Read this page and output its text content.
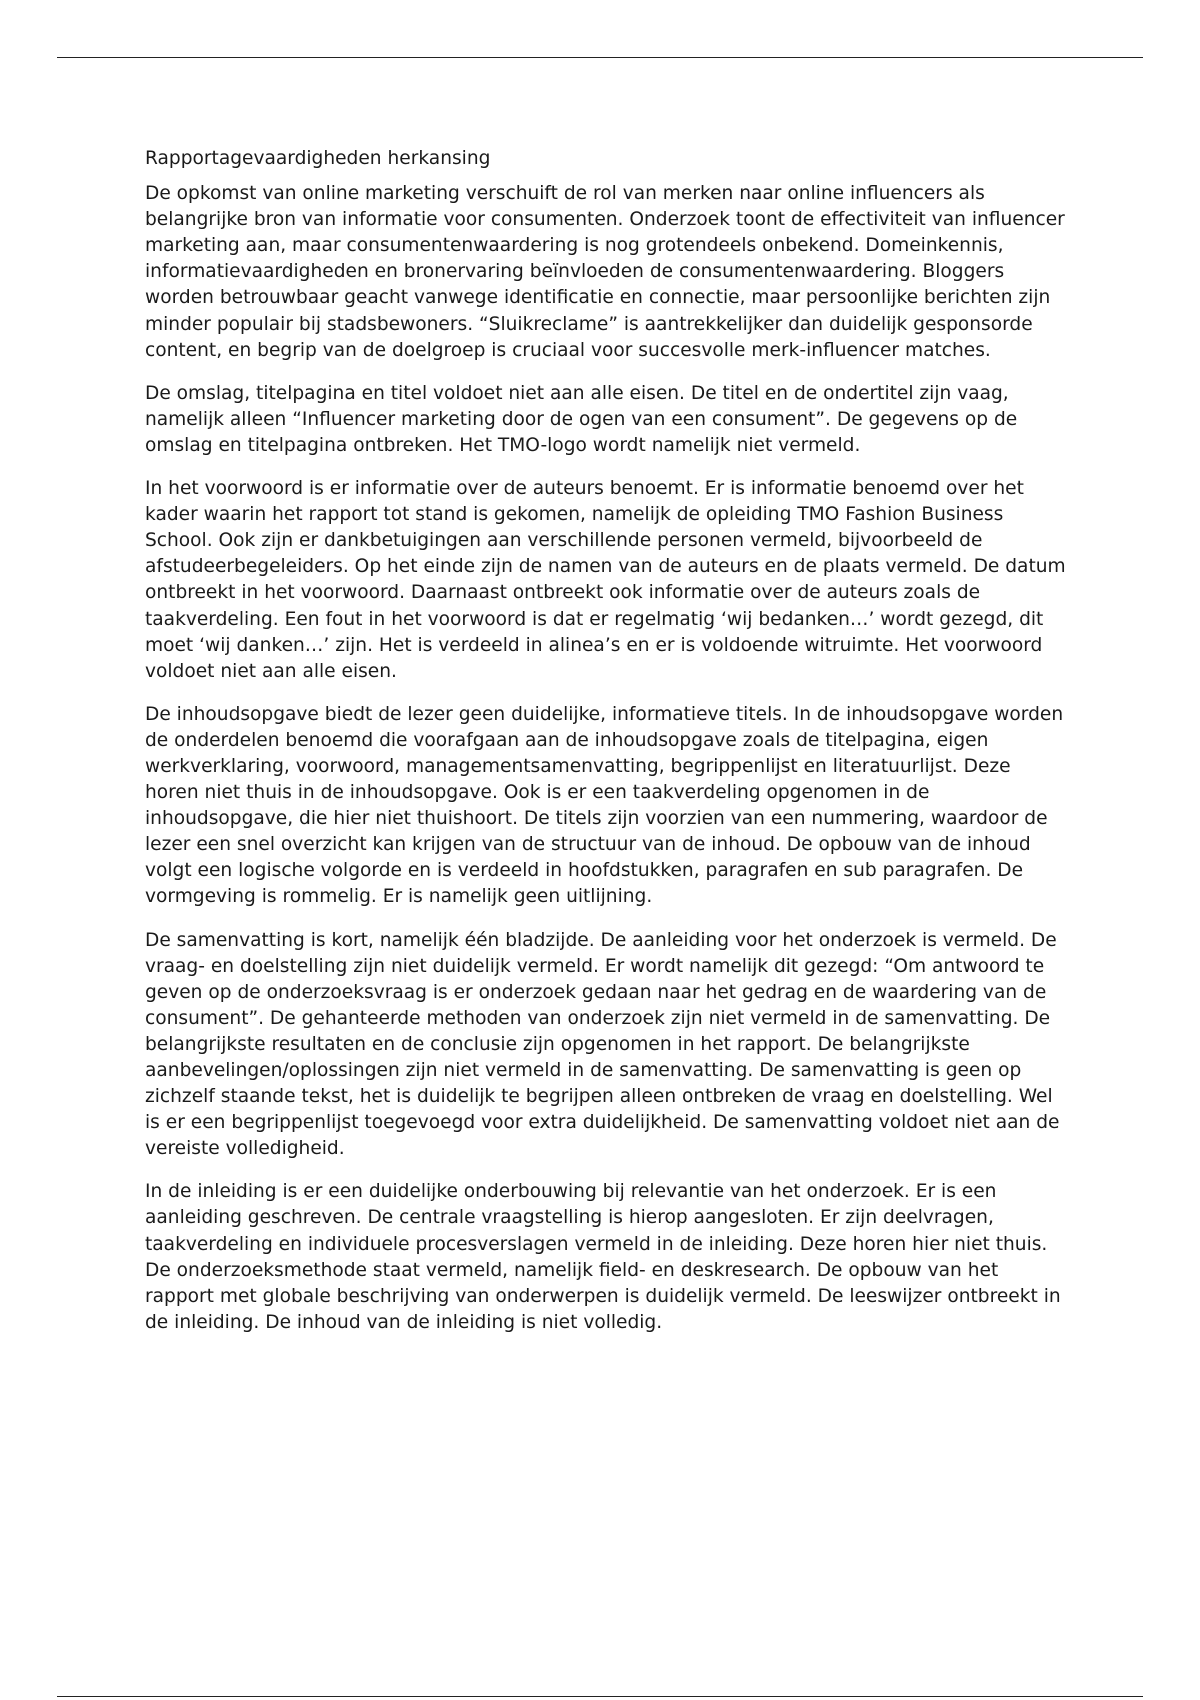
Rapportagevaardigheden herkansing

De opkomst van online marketing verschuift de rol van merken naar online influencers als belangrijke bron van informatie voor consumenten. Onderzoek toont de effectiviteit van influencer marketing aan, maar consumentenwaardering is nog grotendeels onbekend. Domeinkennis, informatievaardigheden en bronervaring beïnvloeden de consumentenwaardering. Bloggers worden betrouwbaar geacht vanwege identificatie en connectie, maar persoonlijke berichten zijn minder populair bij stadsbewoners. “Sluikreclame” is aantrekkelijker dan duidelijk gesponsorde content, en begrip van de doelgroep is cruciaal voor succesvolle merk-influencer matches.

De omslag, titelpagina en titel voldoet niet aan alle eisen. De titel en de ondertitel zijn vaag, namelijk alleen “Influencer marketing door de ogen van een consument”. De gegevens op de omslag en titelpagina ontbreken. Het TMO-logo wordt namelijk niet vermeld.

In het voorwoord is er informatie over de auteurs benoemt. Er is informatie benoemd over het kader waarin het rapport tot stand is gekomen, namelijk de opleiding TMO Fashion Business School. Ook zijn er dankbetuigingen aan verschillende personen vermeld, bijvoorbeeld de afstudeerbegeleiders. Op het einde zijn de namen van de auteurs en de plaats vermeld. De datum ontbreekt in het voorwoord. Daarnaast ontbreekt ook informatie over de auteurs zoals de taakverdeling. Een fout in het voorwoord is dat er regelmatig ‘wij bedanken…’ wordt gezegd, dit moet ‘wij danken…’ zijn. Het is verdeeld in alinea’s en er is voldoende witruimte. Het voorwoord voldoet niet aan alle eisen.

De inhoudsopgave biedt de lezer geen duidelijke, informatieve titels. In de inhoudsopgave worden de onderdelen benoemd die voorafgaan aan de inhoudsopgave zoals de titelpagina, eigen werkverklaring, voorwoord, managementsamenvatting, begrippenlijst en literatuurlijst. Deze horen niet thuis in de inhoudsopgave. Ook is er een taakverdeling opgenomen in de inhoudsopgave, die hier niet thuishoort. De titels zijn voorzien van een nummering, waardoor de lezer een snel overzicht kan krijgen van de structuur van de inhoud. De opbouw van de inhoud volgt een logische volgorde en is verdeeld in hoofdstukken, paragrafen en sub paragrafen. De vormgeving is rommelig. Er is namelijk geen uitlijning.

De samenvatting is kort, namelijk één bladzijde. De aanleiding voor het onderzoek is vermeld. De vraag- en doelstelling zijn niet duidelijk vermeld. Er wordt namelijk dit gezegd: “Om antwoord te geven op de onderzoeksvraag is er onderzoek gedaan naar het gedrag en de waardering van de consument”. De gehanteerde methoden van onderzoek zijn niet vermeld in de samenvatting. De belangrijkste resultaten en de conclusie zijn opgenomen in het rapport. De belangrijkste aanbevelingen/oplossingen zijn niet vermeld in de samenvatting. De samenvatting is geen op zichzelf staande tekst, het is duidelijk te begrijpen alleen ontbreken de vraag en doelstelling. Wel is er een begrippenlijst toegevoegd voor extra duidelijkheid. De samenvatting voldoet niet aan de vereiste volledigheid.

In de inleiding is er een duidelijke onderbouwing bij relevantie van het onderzoek. Er is een aanleiding geschreven. De centrale vraagstelling is hierop aangesloten. Er zijn deelvragen, taakverdeling en individuele procesverslagen vermeld in de inleiding. Deze horen hier niet thuis. De onderzoeksmethode staat vermeld, namelijk field- en deskresearch. De opbouw van het rapport met globale beschrijving van onderwerpen is duidelijk vermeld. De leeswijzer ontbreekt in de inleiding. De inhoud van de inleiding is niet volledig.
